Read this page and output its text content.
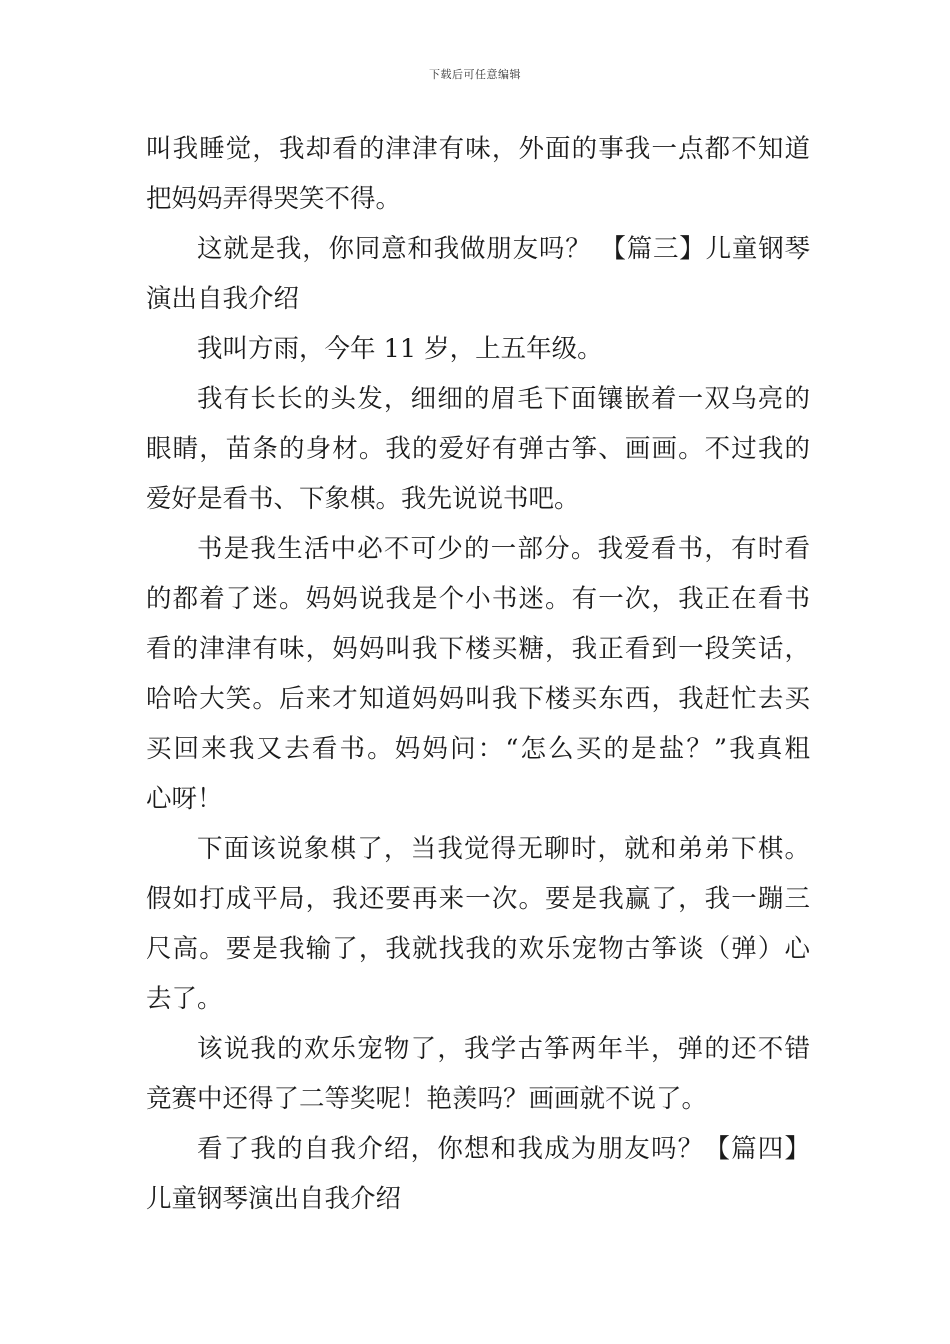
下载后可任意编辑
叫我睡觉，我却看的津津有味，外面的事我一点都不知道
把妈妈弄得哭笑不得。
这就是我，你同意和我做朋友吗？ 【篇三】儿童钢琴
演出自我介绍
我叫方雨，今年 11 岁，上五年级。
我有长长的头发，细细的眉毛下面镶嵌着一双乌亮的
眼睛，苗条的身材。我的爱好有弹古筝、画画。不过我的
爱好是看书、下象棋。我先说说书吧。
书是我生活中必不可少的一部分。我爱看书，有时看
的都着了迷。妈妈说我是个小书迷。有一次，我正在看书
看的津津有味，妈妈叫我下楼买糖，我正看到一段笑话，
哈哈大笑。后来才知道妈妈叫我下楼买东西，我赶忙去买
买回来我又去看书。妈妈问：“怎么买的是盐？”我真粗
心呀！
下面该说象棋了，当我觉得无聊时，就和弟弟下棋。
假如打成平局，我还要再来一次。要是我赢了，我一蹦三
尺高。要是我输了，我就找我的欢乐宠物古筝谈（弹）心
去了。
该说我的欢乐宠物了，我学古筝两年半，弹的还不错
竞赛中还得了二等奖呢！艳羡吗？画画就不说了。
看了我的自我介绍，你想和我成为朋友吗？【篇四】
儿童钢琴演出自我介绍
